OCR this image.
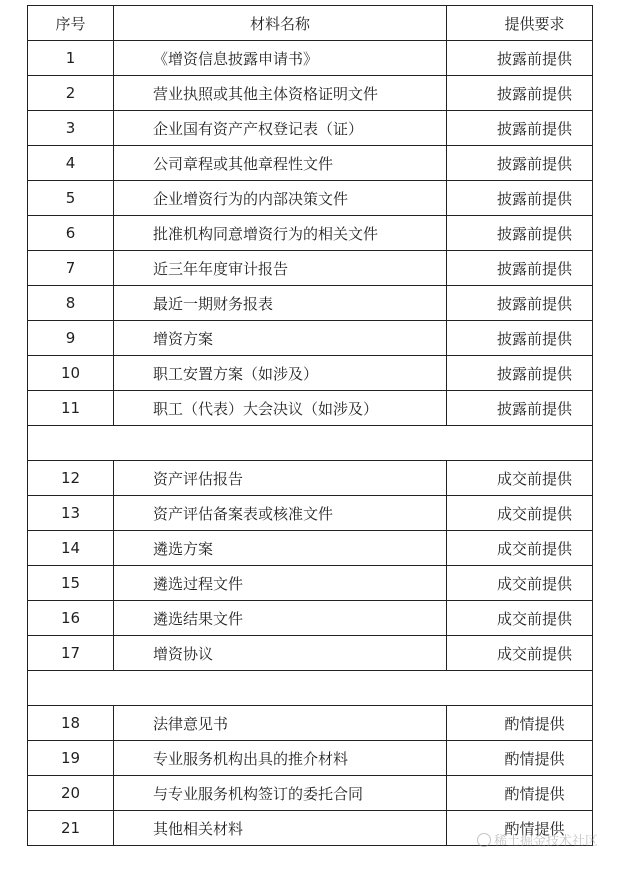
序号	材料名称	提供要求
1	《增资信息披露申请书》	披露前提供
2	营业执照或其他主体资格证明文件	披露前提供
3	企业国有资产产权登记表（证）	披露前提供
4	公司章程或其他章程性文件	披露前提供
5	企业增资行为的内部决策文件	披露前提供
6	批准机构同意增资行为的相关文件	披露前提供
7	近三年年度审计报告	披露前提供
8	最近一期财务报表	披露前提供
9	增资方案	披露前提供
10	职工安置方案（如涉及）	披露前提供
11	职工（代表）大会决议（如涉及）	披露前提供

12	资产评估报告	成交前提供
13	资产评估备案表或核准文件	成交前提供
14	遴选方案	成交前提供
15	遴选过程文件	成交前提供
16	遴选结果文件	成交前提供
17	增资协议	成交前提供

18	法律意见书	酌情提供
19	专业服务机构出具的推介材料	酌情提供
20	与专业服务机构签订的委托合同	酌情提供
21	其他相关材料	酌情提供
稀土掘金技术社区
